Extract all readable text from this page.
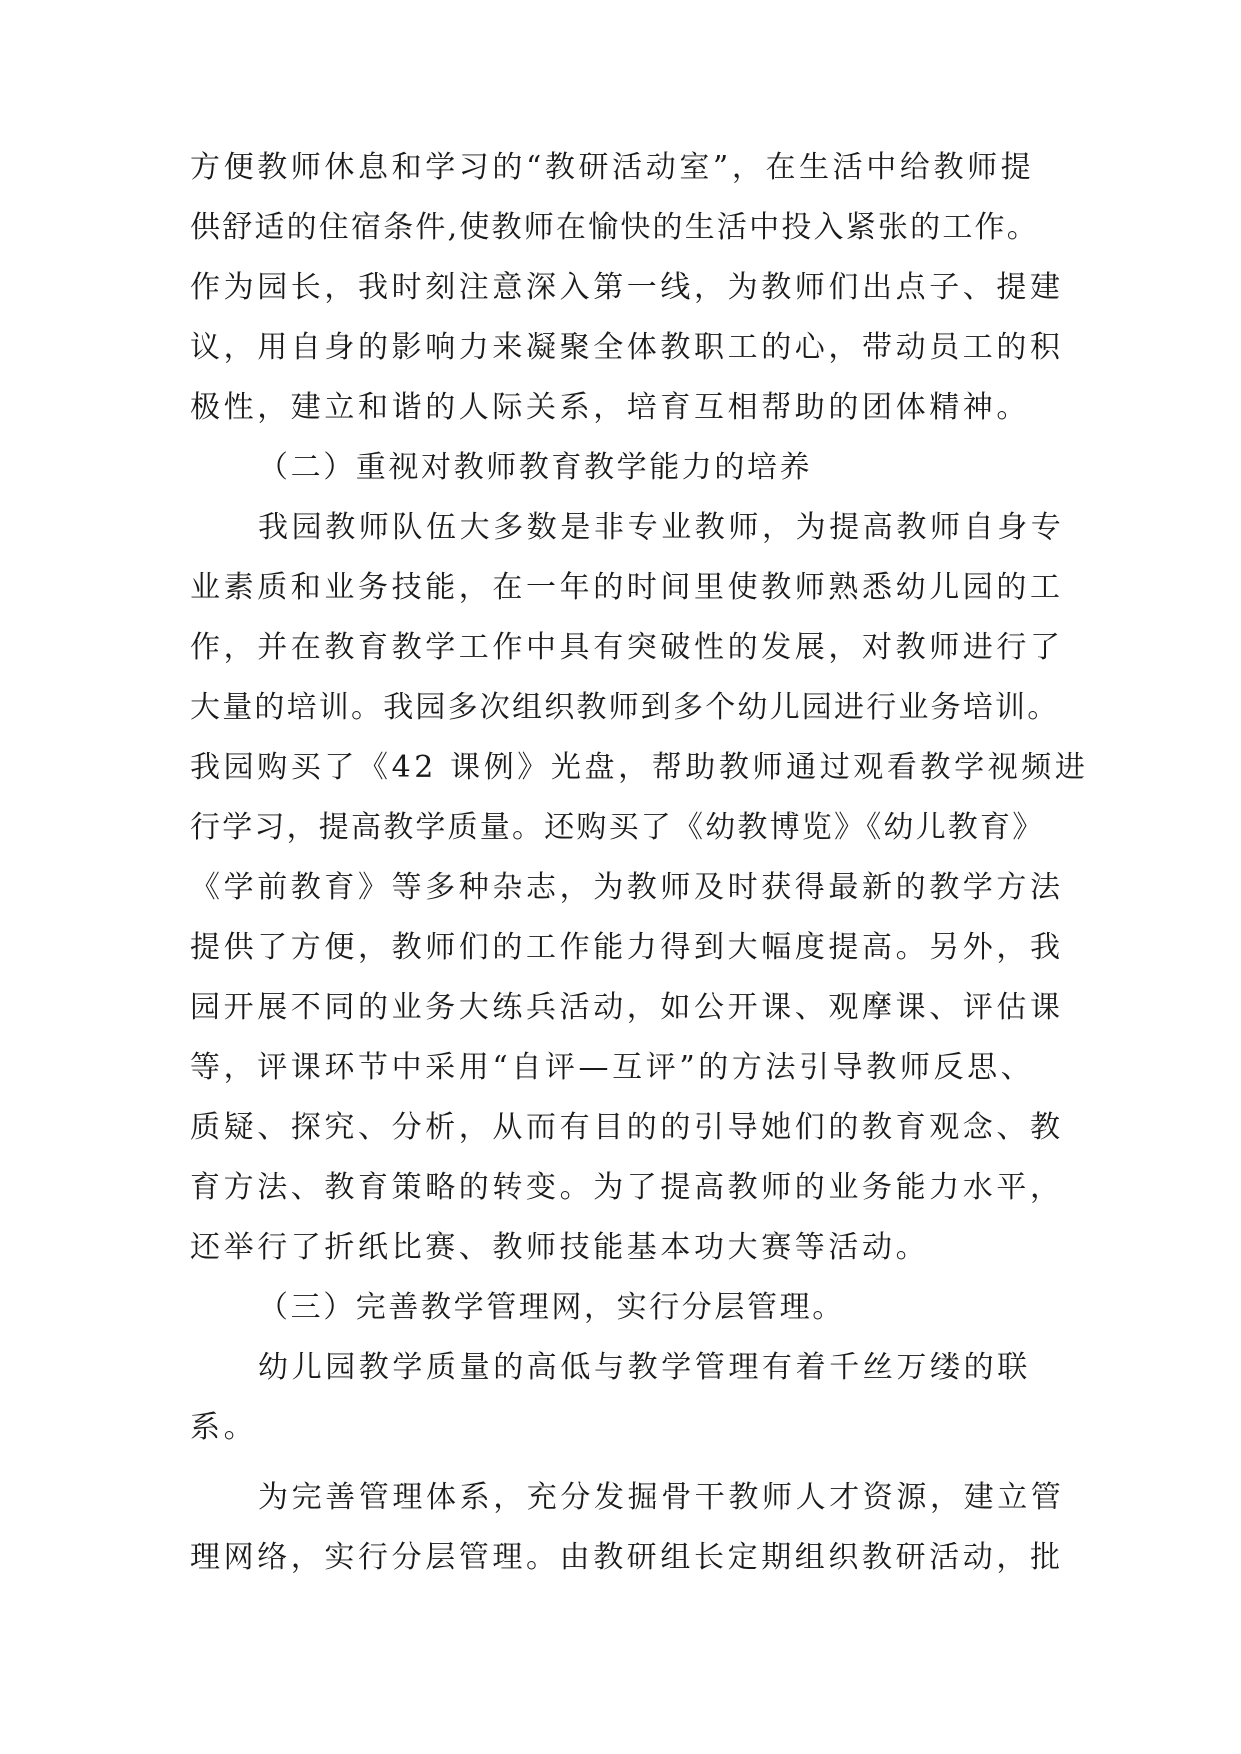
方便教师休息和学习的“教研活动室”，在生活中给教师提
供舒适的住宿条件,使教师在愉快的生活中投入紧张的工作。
作为园长，我时刻注意深入第一线，为教师们出点子、提建
议，用自身的影响力来凝聚全体教职工的心，带动员工的积
极性，建立和谐的人际关系，培育互相帮助的团体精神。
（二）重视对教师教育教学能力的培养
我园教师队伍大多数是非专业教师，为提高教师自身专
业素质和业务技能，在一年的时间里使教师熟悉幼儿园的工
作，并在教育教学工作中具有突破性的发展，对教师进行了
大量的培训。我园多次组织教师到多个幼儿园进行业务培训。
我园购买了《42 课例》光盘，帮助教师通过观看教学视频进
行学习，提高教学质量。还购买了《幼教博览》《幼儿教育》
《学前教育》等多种杂志，为教师及时获得最新的教学方法
提供了方便，教师们的工作能力得到大幅度提高。另外，我
园开展不同的业务大练兵活动，如公开课、观摩课、评估课
等，评课环节中采用“自评—互评”的方法引导教师反思、
质疑、探究、分析，从而有目的的引导她们的教育观念、教
育方法、教育策略的转变。为了提高教师的业务能力水平，
还举行了折纸比赛、教师技能基本功大赛等活动。
（三）完善教学管理网，实行分层管理。
幼儿园教学质量的高低与教学管理有着千丝万缕的联
系。
为完善管理体系，充分发掘骨干教师人才资源，建立管
理网络，实行分层管理。由教研组长定期组织教研活动，批
